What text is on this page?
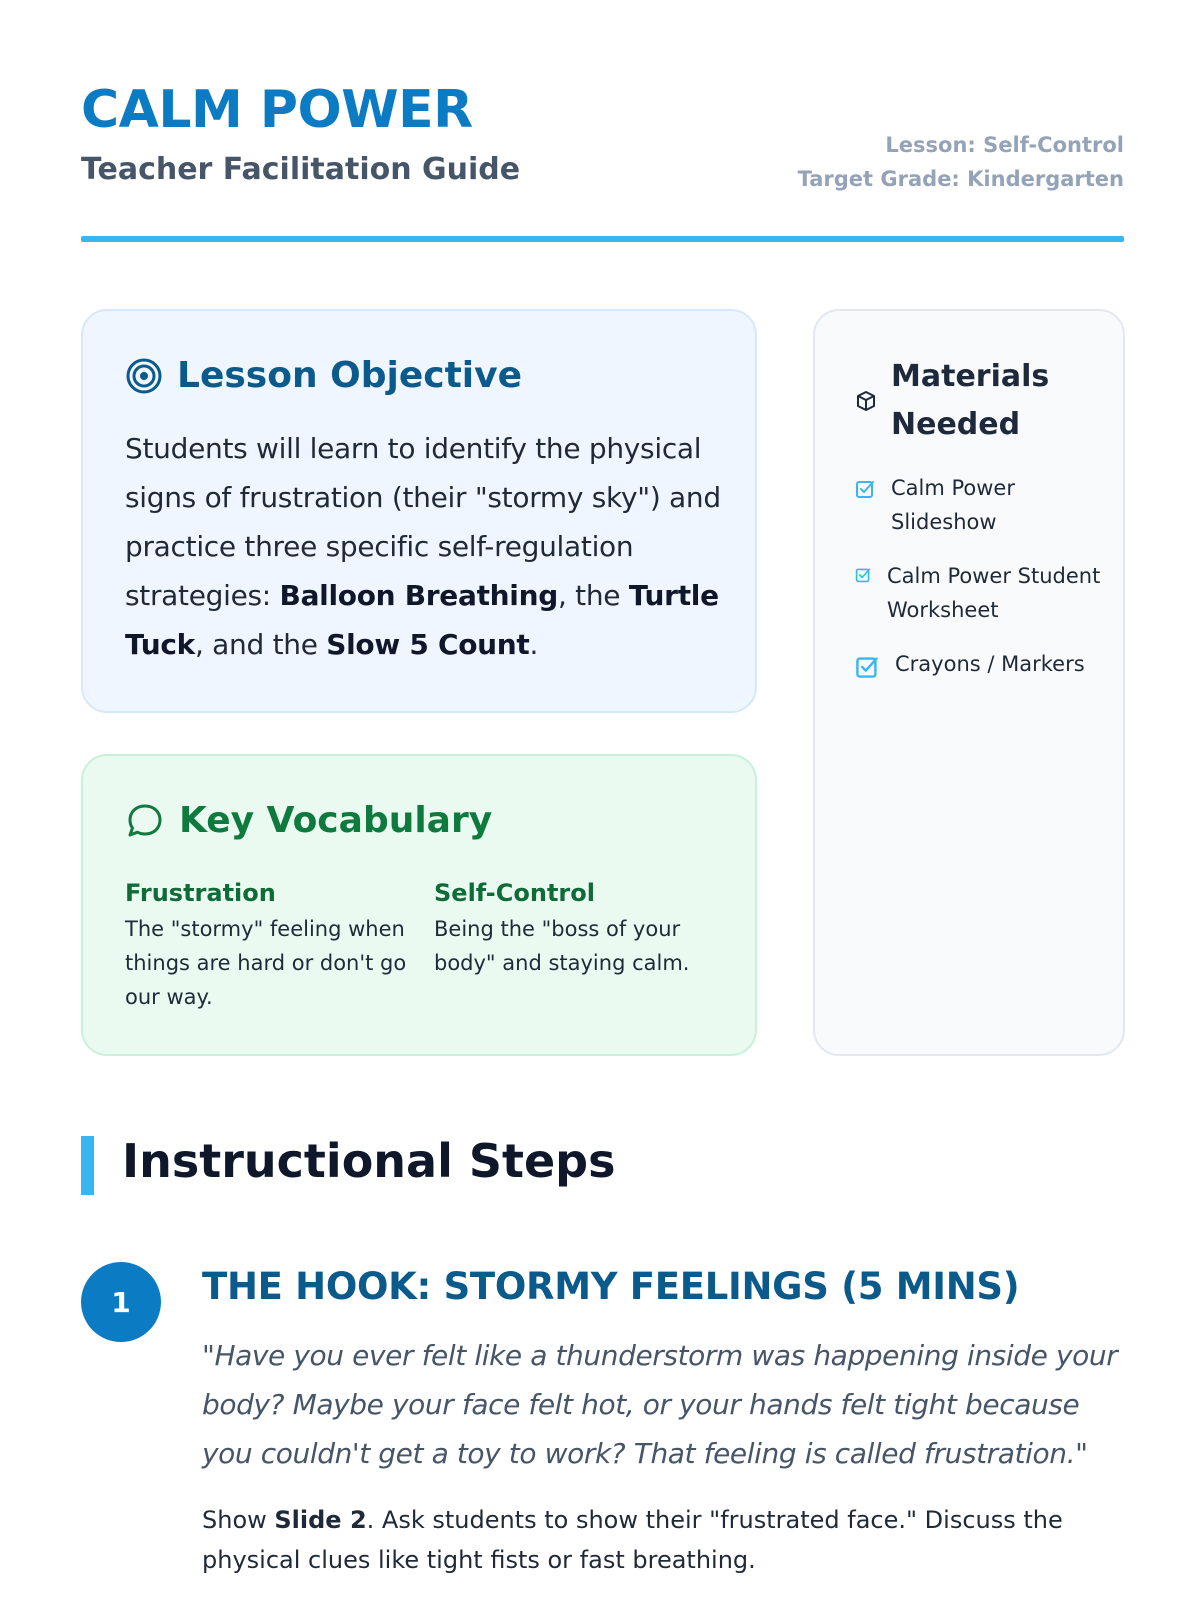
CALM POWER
Teacher Facilitation Guide
Lesson: Self-Control
Target Grade: Kindergarten
Lesson Objective
Students will learn to identify the physical signs of frustration (their "stormy sky") and practice three specific self-regulation strategies: Balloon Breathing, the Turtle Tuck, and the Slow 5 Count.
Key Vocabulary
Frustration
The "stormy" feeling when things are hard or don't go our way.
Self-Control
Being the "boss of your body" and staying calm.
Materials
Needed
Calm Power Slideshow
Calm Power Student Worksheet
Crayons / Markers
Instructional Steps
1	THE HOOK: STORMY FEELINGS (5 MINS)
"Have you ever felt like a thunderstorm was happening inside your body? Maybe your face felt hot, or your hands felt tight because you couldn't get a toy to work? That feeling is called frustration."
Show Slide 2. Ask students to show their "frustrated face." Discuss the physical clues like tight fists or fast breathing.
